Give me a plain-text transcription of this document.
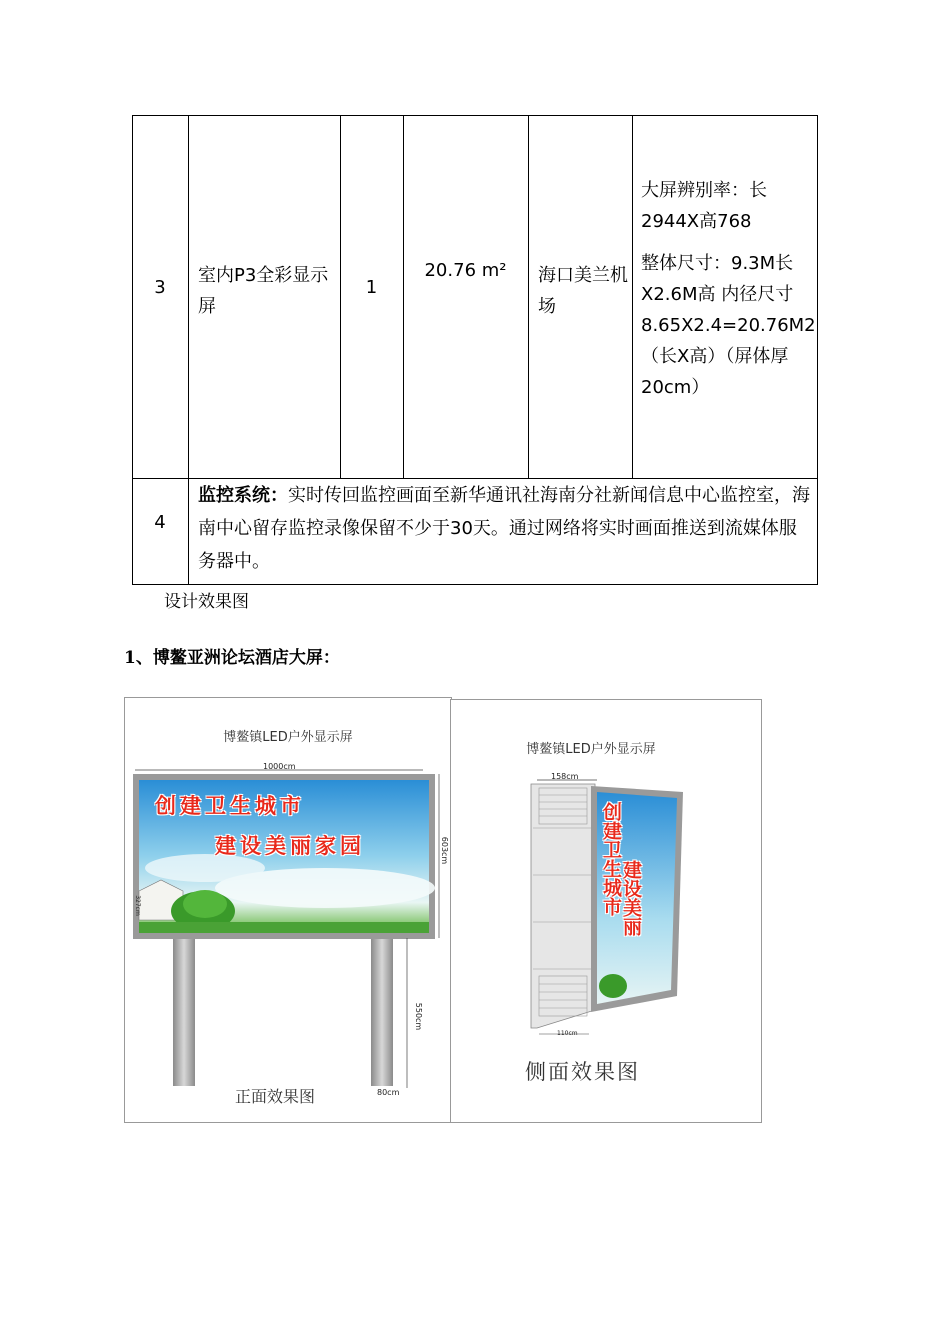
3
室内P3全彩显示屏
1
20.76 m²	海口美兰机场
大屏辨别率：长2944X高768
整体尺寸：9.3M长X2.6M高 内径尺寸8.65X2.4=20.76M2（长X高）（屏体厚20cm）
4
监控系统：实时传回监控画面至新华通讯社海南分社新闻信息中心监控室，海南中心留存监控录像保留不少于30天。通过网络将实时画面推送到流媒体服务器中。
设计效果图
1、博鳌亚洲论坛酒店大屏：
博鳌镇LED户外显示屏
1000cm
603cm
327cm
550cm
80cm
创建卫生城市
建设美丽家园
正面效果图
博鳌镇LED户外显示屏
158cm
110cm
创建卫生城市
建设美丽
侧面效果图
